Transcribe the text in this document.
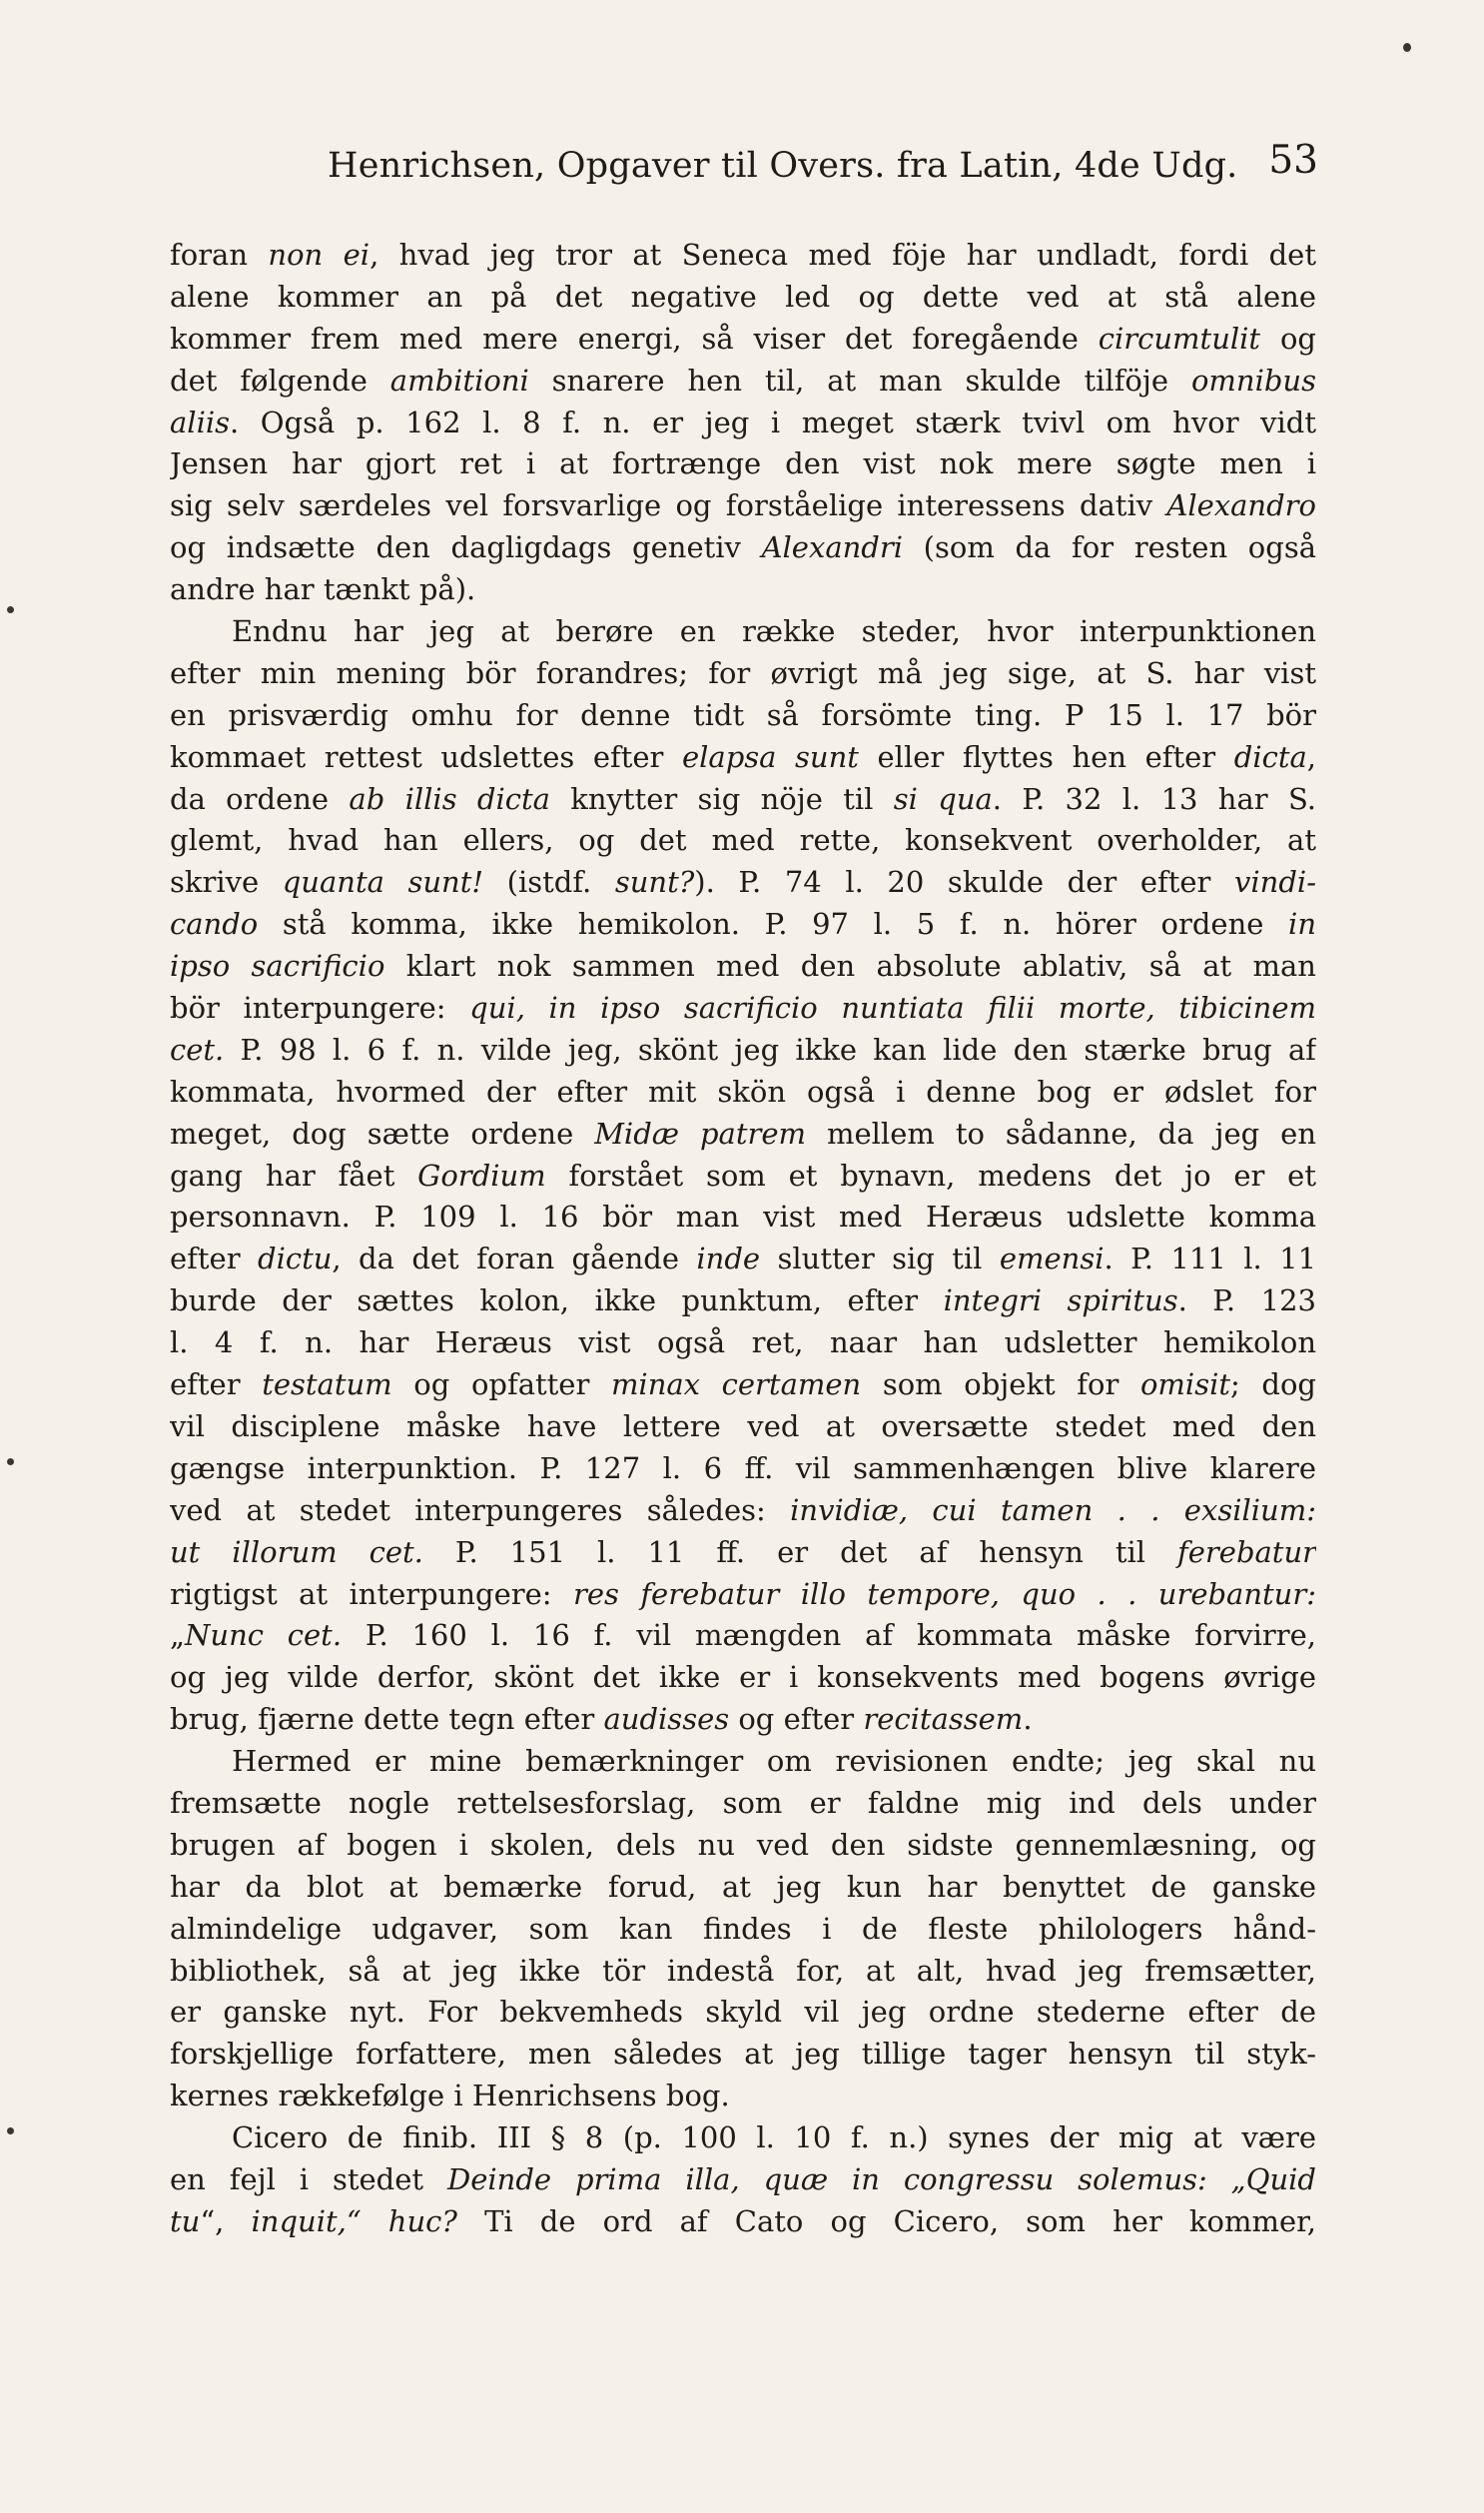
Henrichsen, Opgaver til Overs. fra Latin, 4de Udg. 53
foran non ei, hvad jeg tror at Seneca med föje har undladt, fordi det
alene kommer an på det negative led og dette ved at stå alene
kommer frem med mere energi, så viser det foregående circumtulit og
det følgende ambitioni snarere hen til, at man skulde tilföje omnibus
aliis. Også p. 162 l. 8 f. n. er jeg i meget stærk tvivl om hvor vidt
Jensen har gjort ret i at fortrænge den vist nok mere søgte men i
sig selv særdeles vel forsvarlige og forståelige interessens dativ Alexandro
og indsætte den dagligdags genetiv Alexandri (som da for resten også
andre har tænkt på).
Endnu har jeg at berøre en række steder, hvor interpunktionen
efter min mening bör forandres; for øvrigt må jeg sige, at S. har vist
en prisværdig omhu for denne tidt så forsömte ting. P 15 l. 17 bör
kommaet rettest udslettes efter elapsa sunt eller flyttes hen efter dicta,
da ordene ab illis dicta knytter sig nöje til si qua. P. 32 l. 13 har S.
glemt, hvad han ellers, og det med rette, konsekvent overholder, at
skrive quanta sunt! (istdf. sunt?). P. 74 l. 20 skulde der efter vindi-
cando stå komma, ikke hemikolon. P. 97 l. 5 f. n. hörer ordene in
ipso sacrificio klart nok sammen med den absolute ablativ, så at man
bör interpungere: qui, in ipso sacrificio nuntiata filii morte, tibicinem
cet. P. 98 l. 6 f. n. vilde jeg, skönt jeg ikke kan lide den stærke brug af
kommata, hvormed der efter mit skön også i denne bog er ødslet for
meget, dog sætte ordene Midæ patrem mellem to sådanne, da jeg en
gang har fået Gordium forstået som et bynavn, medens det jo er et
personnavn. P. 109 l. 16 bör man vist med Heræus udslette komma
efter dictu, da det foran gående inde slutter sig til emensi. P. 111 l. 11
burde der sættes kolon, ikke punktum, efter integri spiritus. P. 123
l. 4 f. n. har Heræus vist også ret, naar han udsletter hemikolon
efter testatum og opfatter minax certamen som objekt for omisit; dog
vil disciplene måske have lettere ved at oversætte stedet med den
gængse interpunktion. P. 127 l. 6 ff. vil sammenhængen blive klarere
ved at stedet interpungeres således: invidiæ, cui tamen . . exsilium:
ut illorum cet. P. 151 l. 11 ff. er det af hensyn til ferebatur
rigtigst at interpungere: res ferebatur illo tempore, quo . . urebantur:
„Nunc cet. P. 160 l. 16 f. vil mængden af kommata måske forvirre,
og jeg vilde derfor, skönt det ikke er i konsekvents med bogens øvrige
brug, fjærne dette tegn efter audisses og efter recitassem.
Hermed er mine bemærkninger om revisionen endte; jeg skal nu
fremsætte nogle rettelsesforslag, som er faldne mig ind dels under
brugen af bogen i skolen, dels nu ved den sidste gennemlæsning, og
har da blot at bemærke forud, at jeg kun har benyttet de ganske
almindelige udgaver, som kan findes i de fleste philologers hånd-
bibliothek, så at jeg ikke tör indestå for, at alt, hvad jeg fremsætter,
er ganske nyt. For bekvemheds skyld vil jeg ordne stederne efter de
forskjellige forfattere, men således at jeg tillige tager hensyn til styk-
kernes rækkefølge i Henrichsens bog.
Cicero de finib. III § 8 (p. 100 l. 10 f. n.) synes der mig at være
en fejl i stedet Deinde prima illa, quæ in congressu solemus: „Quid
tu“, inquit,“ huc? Ti de ord af Cato og Cicero, som her kommer,
